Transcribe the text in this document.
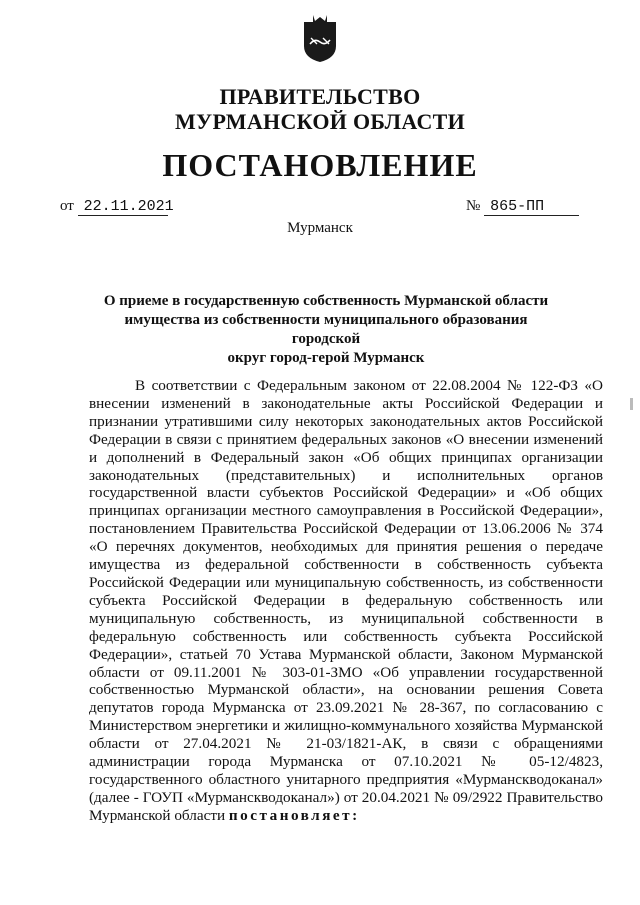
ПРАВИТЕЛЬСТВО
МУРМАНСКОЙ ОБЛАСТИ
ПОСТАНОВЛЕНИЕ
от 22.11.2021	№ 865-ПП
Мурманск
О приеме в государственную собственность Мурманской области
имущества из собственности муниципального образования городской
округ город-герой Мурманск
В соответствии с Федеральным законом от 22.08.2004 № 122-ФЗ «О внесении изменений в законодательные акты Российской Федерации и признании утратившими силу некоторых законодательных актов Российской Федерации в связи с принятием федеральных законов «О внесении изменений и дополнений в Федеральный закон «Об общих принципах организации законодательных (представительных) и исполнительных органов государственной власти субъектов Российской Федерации» и «Об общих принципах организации местного самоуправления в Российской Федерации», постановлением Правительства Российской Федерации от 13.06.2006 № 374 «О перечнях документов, необходимых для принятия решения о передаче имущества из федеральной собственности в собственность субъекта Российской Федерации или муниципальную собственность, из собственности субъекта Российской Федерации в федеральную собственность или муниципальную собственность, из муниципальной собственности в федеральную собственность или собственность субъекта Российской Федерации», статьей 70 Устава Мурманской области, Законом Мурманской области от 09.11.2001 № 303-01-ЗМО «Об управлении государственной собственностью Мурманской области», на основании решения Совета депутатов города Мурманска от 23.09.2021 № 28-367, по согласованию с Министерством энергетики и жилищно-коммунального хозяйства Мурманской области от 27.04.2021 № 21-03/1821-АК, в связи с обращениями администрации города Мурманска от 07.10.2021 № 05-12/4823, государственного областного унитарного предприятия «Мурманскводоканал» (далее - ГОУП «Мурманскводоканал») от 20.04.2021 № 09/2922 Правительство Мурманской области постановляет:
